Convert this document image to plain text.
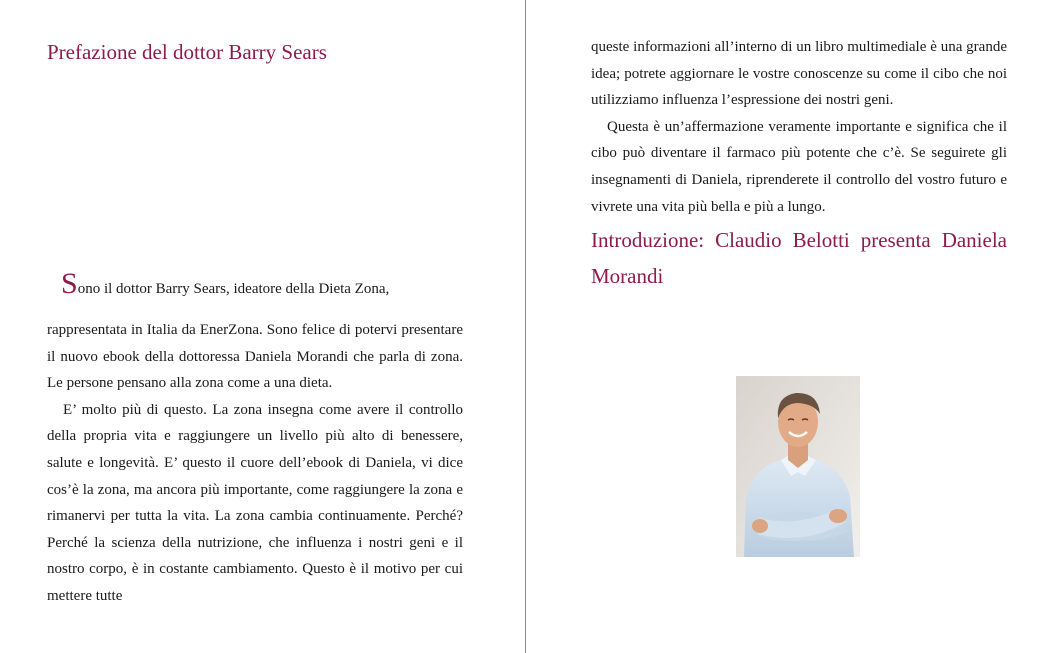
Prefazione del dottor Barry Sears
Sono il dottor Barry Sears, ideatore della Dieta Zona,

rappresentata in Italia da EnerZona. Sono felice di potervi presentare il nuovo ebook della dottoressa Daniela Morandi che parla di zona. Le persone pensano alla zona come a una dieta.

E’ molto più di questo. La zona insegna come avere il controllo della propria vita e raggiungere un livello più alto di benessere, salute e longevità. E’ questo il cuore dell’ebook di Daniela, vi dice cos’è la zona, ma ancora più importante, come raggiungere la zona e rimanervi per tutta la vita. La zona cambia continuamente. Perché? Perché la scienza della nutrizione, che influenza i nostri geni e il nostro corpo, è in costante cambiamento. Questo è il motivo per cui mettere tutte

queste informazioni all’interno di un libro multimediale è una grande idea; potrete aggiornare le vostre conoscenze su come il cibo che noi utilizziamo influenza l’espressione dei nostri geni.

Questa è un’affermazione veramente importante e significa che il cibo può diventare il farmaco più potente che c’è. Se seguirete gli insegnamenti di Daniela, riprenderete il controllo del vostro futuro e vivrete una vita più bella e più a lungo.

Introduzione: Claudio Belotti presenta Daniela
Morandi
